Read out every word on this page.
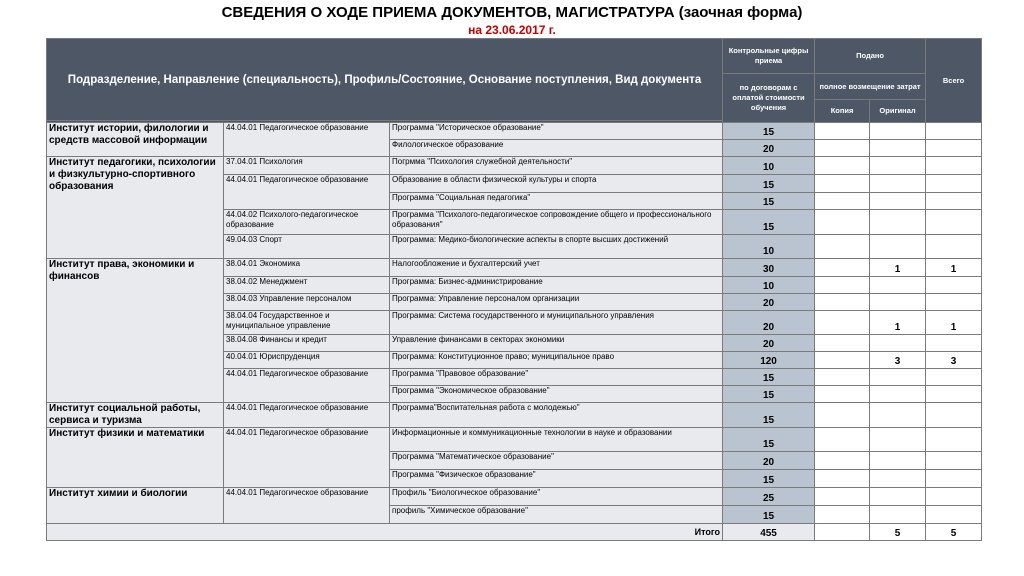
СВЕДЕНИЯ О ХОДЕ ПРИЕМА ДОКУМЕНТОВ, МАГИСТРАТУРА (заочная форма)
на 23.06.2017 г.
Подразделение, Направление (специальность), Профиль/Состояние, Основание поступления, Вид документа			Контрольные цифры приема	Подано		Всего
			по договорам с оплатой стоимости обучения	полное возмещение затрат		
				Копия	Оригинал	

Институт истории, филологии и средств массовой информации	44.04.01 Педагогическое образование	Программа "Историческое образование"	15			
		Филологическое образование	20			
Институт педагогики, психологии и физкультурно-спортивного образования	37.04.01 Психология	Погрмма "Психология служебной деятельности"	10			
	44.04.01 Педагогическое образование	Образование в области физической культуры и спорта	15			
		Программа "Социальная педагогика"	15			
	44.04.02 Психолого-педагогическое образование	Программа "Психолого-педагогическое сопровождение общего и профессионального образования"	15			
	49.04.03 Спорт	Программа: Медико-биологические аспекты в спорте высших достижений	10			
Институт права, экономики и финансов	38.04.01 Экономика	Налогообложение и бухгалтерский учет	30		1	1
	38.04.02 Менеджмент	Программа: Бизнес-администрирование	10			
	38.04.03 Управление персоналом	Программа: Управление персоналом организации	20			
	38.04.04 Государственное и муниципальное управление	Программа: Система государственного и муниципального управления	20		1	1
	38.04.08 Финансы и кредит	Управление финансами в секторах экономики	20			
	40.04.01 Юриспруденция	Программа: Конституционное право; муниципальное право	120		3	3
	44.04.01 Педагогическое образование	Программа "Правовое образование"	15			
		Программа "Экономическое образование"	15			
Институт социальной работы, сервиса и туризма	44.04.01 Педагогическое образование	Программа"Воспитательная работа с молодежью"	15			
Институт физики и математики	44.04.01 Педагогическое образование	Информационные и коммуникационные технологии в науке и образовании	15			
		Программа "Математическое образование"	20			
		Программа "Физическое образование"	15			
Институт химии и биологии	44.04.01 Педагогическое образование	Профиль "Биологическое образование"	25			
		профиль "Химическое образование"	15			
Итого			455		5	5
